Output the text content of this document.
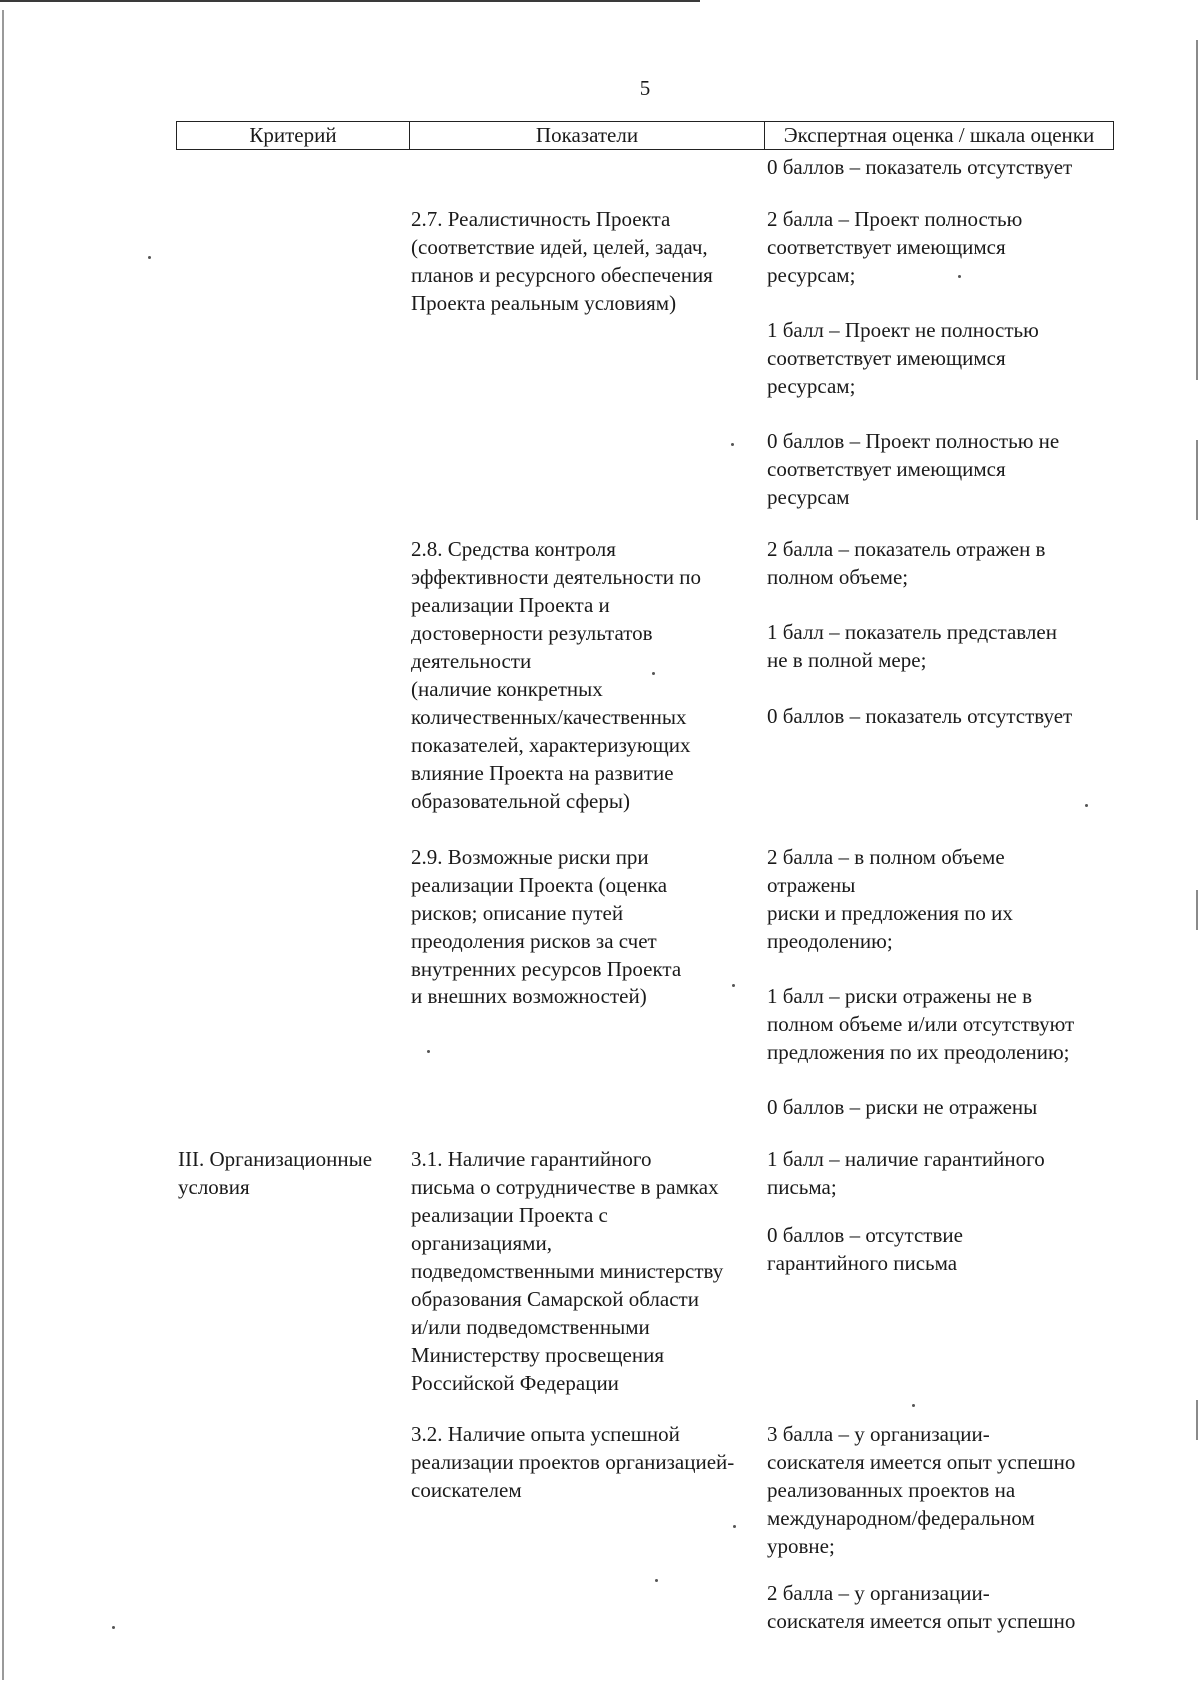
5
Критерий	Показатели	Экспертная оценка / шкала оценки
0 баллов – показатель отсутствует
2.7. Реалистичность Проекта
(соответствие идей, целей, задач,
планов и ресурсного обеспечения
Проекта реальным условиям)
2 балла – Проект полностью
соответствует имеющимся
ресурсам;
1 балл – Проект не полностью
соответствует имеющимся
ресурсам;
0 баллов – Проект полностью не
соответствует имеющимся
ресурсам
2.8. Средства контроля
эффективности деятельности по
реализации Проекта и
достоверности результатов
деятельности
(наличие конкретных
количественных/качественных
показателей, характеризующих
влияние Проекта на развитие
образовательной сферы)
2 балла – показатель отражен в
полном объеме;
1 балл – показатель представлен
не в полной мере;
0 баллов – показатель отсутствует
2.9. Возможные риски при
реализации Проекта (оценка
рисков; описание путей
преодоления рисков за счет
внутренних ресурсов Проекта
и внешних возможностей)
2 балла – в полном объеме
отражены
риски и предложения по их
преодолению;
1 балл – риски отражены не в
полном объеме и/или отсутствуют
предложения по их преодолению;
0 баллов – риски не отражены
III. Организационные
условия
3.1. Наличие гарантийного
письма о сотрудничестве в рамках
реализации Проекта с
организациями,
подведомственными министерству
образования Самарской области
и/или подведомственными
Министерству просвещения
Российской Федерации
1 балл – наличие гарантийного
письма;
0 баллов – отсутствие
гарантийного письма
3.2. Наличие опыта успешной
реализации проектов организацией-
соискателем
3 балла – у организации-
соискателя имеется опыт успешно
реализованных проектов на
международном/федеральном
уровне;
2 балла – у организации-
соискателя имеется опыт успешно
